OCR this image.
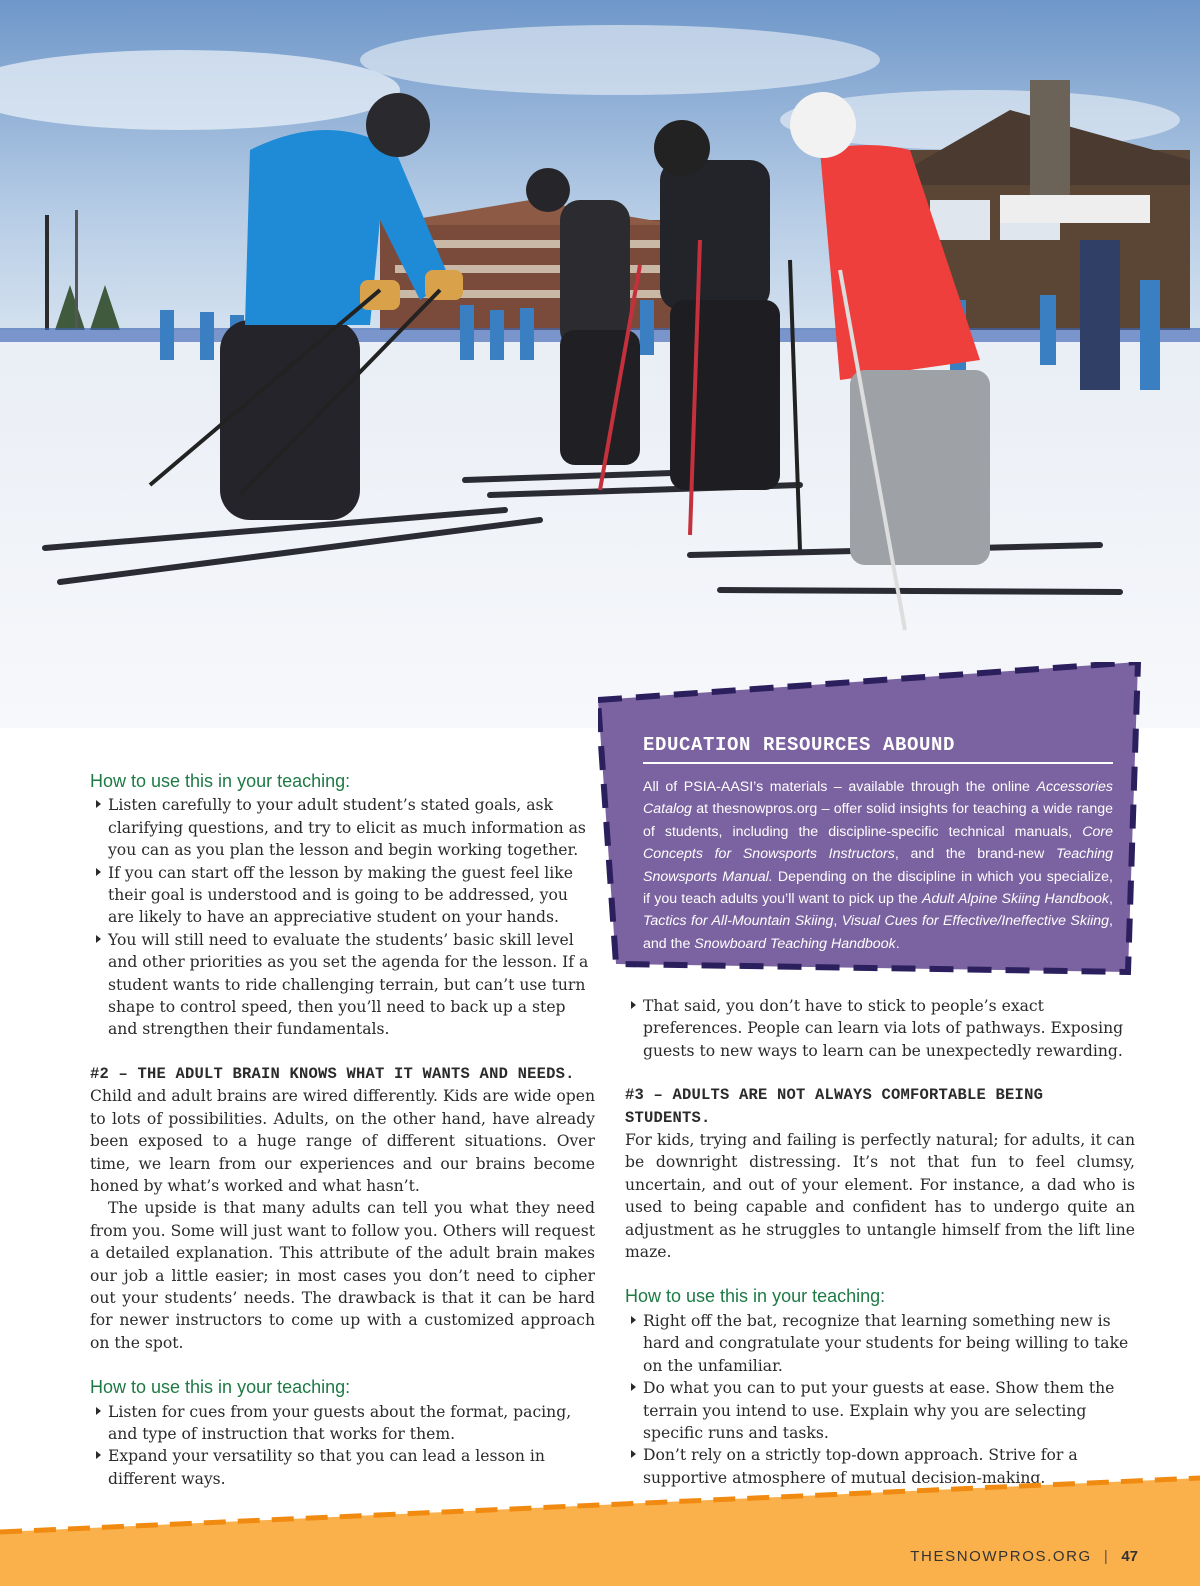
EDUCATION RESOURCES ABOUND

All of PSIA-AASI’s materials – available through the online Accessories Catalog at thesnowpros.org – offer solid insights for teaching a wide range of students, including the discipline-specific technical manuals, Core Concepts for Snowsports Instructors, and the brand-new Teaching Snowsports Manual. Depending on the discipline in which you specialize, if you teach adults you’ll want to pick up the Adult Alpine Skiing Handbook, Tactics for All-Mountain Skiing, Visual Cues for Effective/Ineffective Skiing, and the Snowboard Teaching Handbook.

How to use this in your teaching:
Listen carefully to your adult student’s stated goals, ask clarifying questions, and try to elicit as much information as you can as you plan the lesson and begin working together.
If you can start off the lesson by making the guest feel like their goal is understood and is going to be addressed, you are likely to have an appreciative student on your hands.
You will still need to evaluate the students’ basic skill level and other priorities as you set the agenda for the lesson. If a student wants to ride challenging terrain, but can’t use turn shape to control speed, then you’ll need to back up a step and strengthen their fundamentals.
#2 – THE ADULT BRAIN KNOWS WHAT IT WANTS AND NEEDS.

Child and adult brains are wired differently. Kids are wide open to lots of possibilities. Adults, on the other hand, have already been exposed to a huge range of different situations. Over time, we learn from our experiences and our brains become honed by what’s worked and what hasn’t.

The upside is that many adults can tell you what they need from you. Some will just want to follow you. Others will request a detailed explanation. This attribute of the adult brain makes our job a little easier; in most cases you don’t need to cipher out your students’ needs. The drawback is that it can be hard for newer instructors to come up with a customized approach on the spot.

How to use this in your teaching:
Listen for cues from your guests about the format, pacing, and type of instruction that works for them.
Expand your versatility so that you can lead a lesson in different ways.
That said, you don’t have to stick to people’s exact preferences. People can learn via lots of pathways. Exposing guests to new ways to learn can be unexpectedly rewarding.
#3 – ADULTS ARE NOT ALWAYS COMFORTABLE BEING STUDENTS.

For kids, trying and failing is perfectly natural; for adults, it can be downright distressing. It’s not that fun to feel clumsy, uncertain, and out of your element. For instance, a dad who is used to being capable and confident has to undergo quite an adjustment as he struggles to untangle himself from the lift line maze.

How to use this in your teaching:
Right off the bat, recognize that learning something new is hard and congratulate your students for being willing to take on the unfamiliar.
Do what you can to put your guests at ease. Show them the terrain you intend to use. Explain why you are selecting specific runs and tasks.
Don’t rely on a strictly top-down approach. Strive for a supportive atmosphere of mutual decision-making.
THESNOWPROS.ORG | 47
